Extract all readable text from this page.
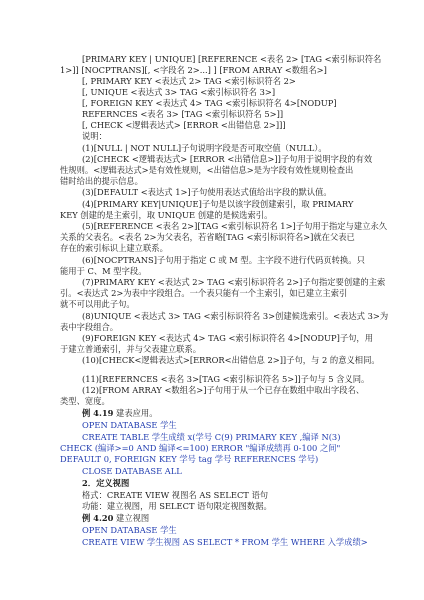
[PRIMARY KEY | UNIQUE] [REFERENCE <表名 2> [TAG <索引标识符名
1>]] [NOCPTRANS][, <字段名 2>...] ] [FROM ARRAY <数组名>]
[, PRIMARY KEY <表达式 2> TAG <索引标识符名 2>
[, UNIQUE <表达式 3> TAG <索引标识符名 3>]
[, FOREIGN KEY <表达式 4> TAG <索引标识符名 4>[NODUP]
REFERNCES <表名 3> [TAG <索引标识符名 5>]]
[, CHECK <逻辑表达式> [ERROR <出错信息 2>]]]
说明：
(1)[NULL | NOT NULL]子句说明字段是否可取空值（NULL）。
(2)[CHECK <逻辑表达式> [ERROR <出错信息>]]子句用于说明字段的有效
性规则。<逻辑表达式>是有效性规则，<出错信息>是为字段有效性规则检查出
错时给出的提示信息。
(3)[DEFAULT <表达式 1>]子句使用表达式值给出字段的默认值。
(4)[PRIMARY KEY|UNIQUE]子句是以该字段创建索引，取 PRIMARY
KEY 创建的是主索引，取 UNIQUE 创建的是候选索引。
(5)[REFERENCE <表名 2>][TAG <索引标识符名 1>]子句用于指定与建立永久
关系的父表名。<表名 2>为父表名，若省略[TAG <索引标识符名>]就在父表已
存在的索引标识上建立联系。
(6)[NOCPTRANS]子句用于指定 C 或 M 型。主字段不进行代码页转换。只
能用于 C、M 型字段。
(7)PRIMARY KEY <表达式 2> TAG <索引标识符名 2>]子句指定要创建的主索
引。<表达式 2>为表中字段组合。一个表只能有一个主索引，如已建立主索引
就不可以用此子句。
(8)UNIQUE <表达式 3> TAG <索引标识符名 3>创建候选索引。<表达式 3>为
表中字段组合。
(9)FOREIGN KEY <表达式 4> TAG <索引标识符名 4>[NODUP]子句，用
于建立普通索引，并与父表建立联系。
(10)[CHECK<逻辑表达式>[ERROR<出错信息 2>]]子句，与 2 的意义相同。
(11)[REFERNCES <表名 3>[TAG <索引标识符名 5>]]子句与 5 含义同。
(12)[FROM ARRAY <数组名>]子句用于从一个已存在数组中取出字段名、
类型、宽度。
例 4.19 建表应用。
OPEN DATABASE 学生
CREATE TABLE 学生成绩 x(学号 C(9) PRIMARY KEY ,编译 N(3)
CHECK (编译>=0 AND 编译<=100) ERROR "编译成绩再 0-100 之间"
DEFAULT 0, FOREIGN KEY 学号 tag 学号 REFERENCES 学号)
CLOSE DATABASE ALL
2．定义视图
格式：CREATE VIEW 视图名 AS SELECT 语句
功能：建立视图，用 SELECT 语句限定视图数据。
例 4.20 建立视图
OPEN DATABASE 学生
CREATE VIEW 学生视图 AS SELECT * FROM 学生 WHERE 入学成绩>
